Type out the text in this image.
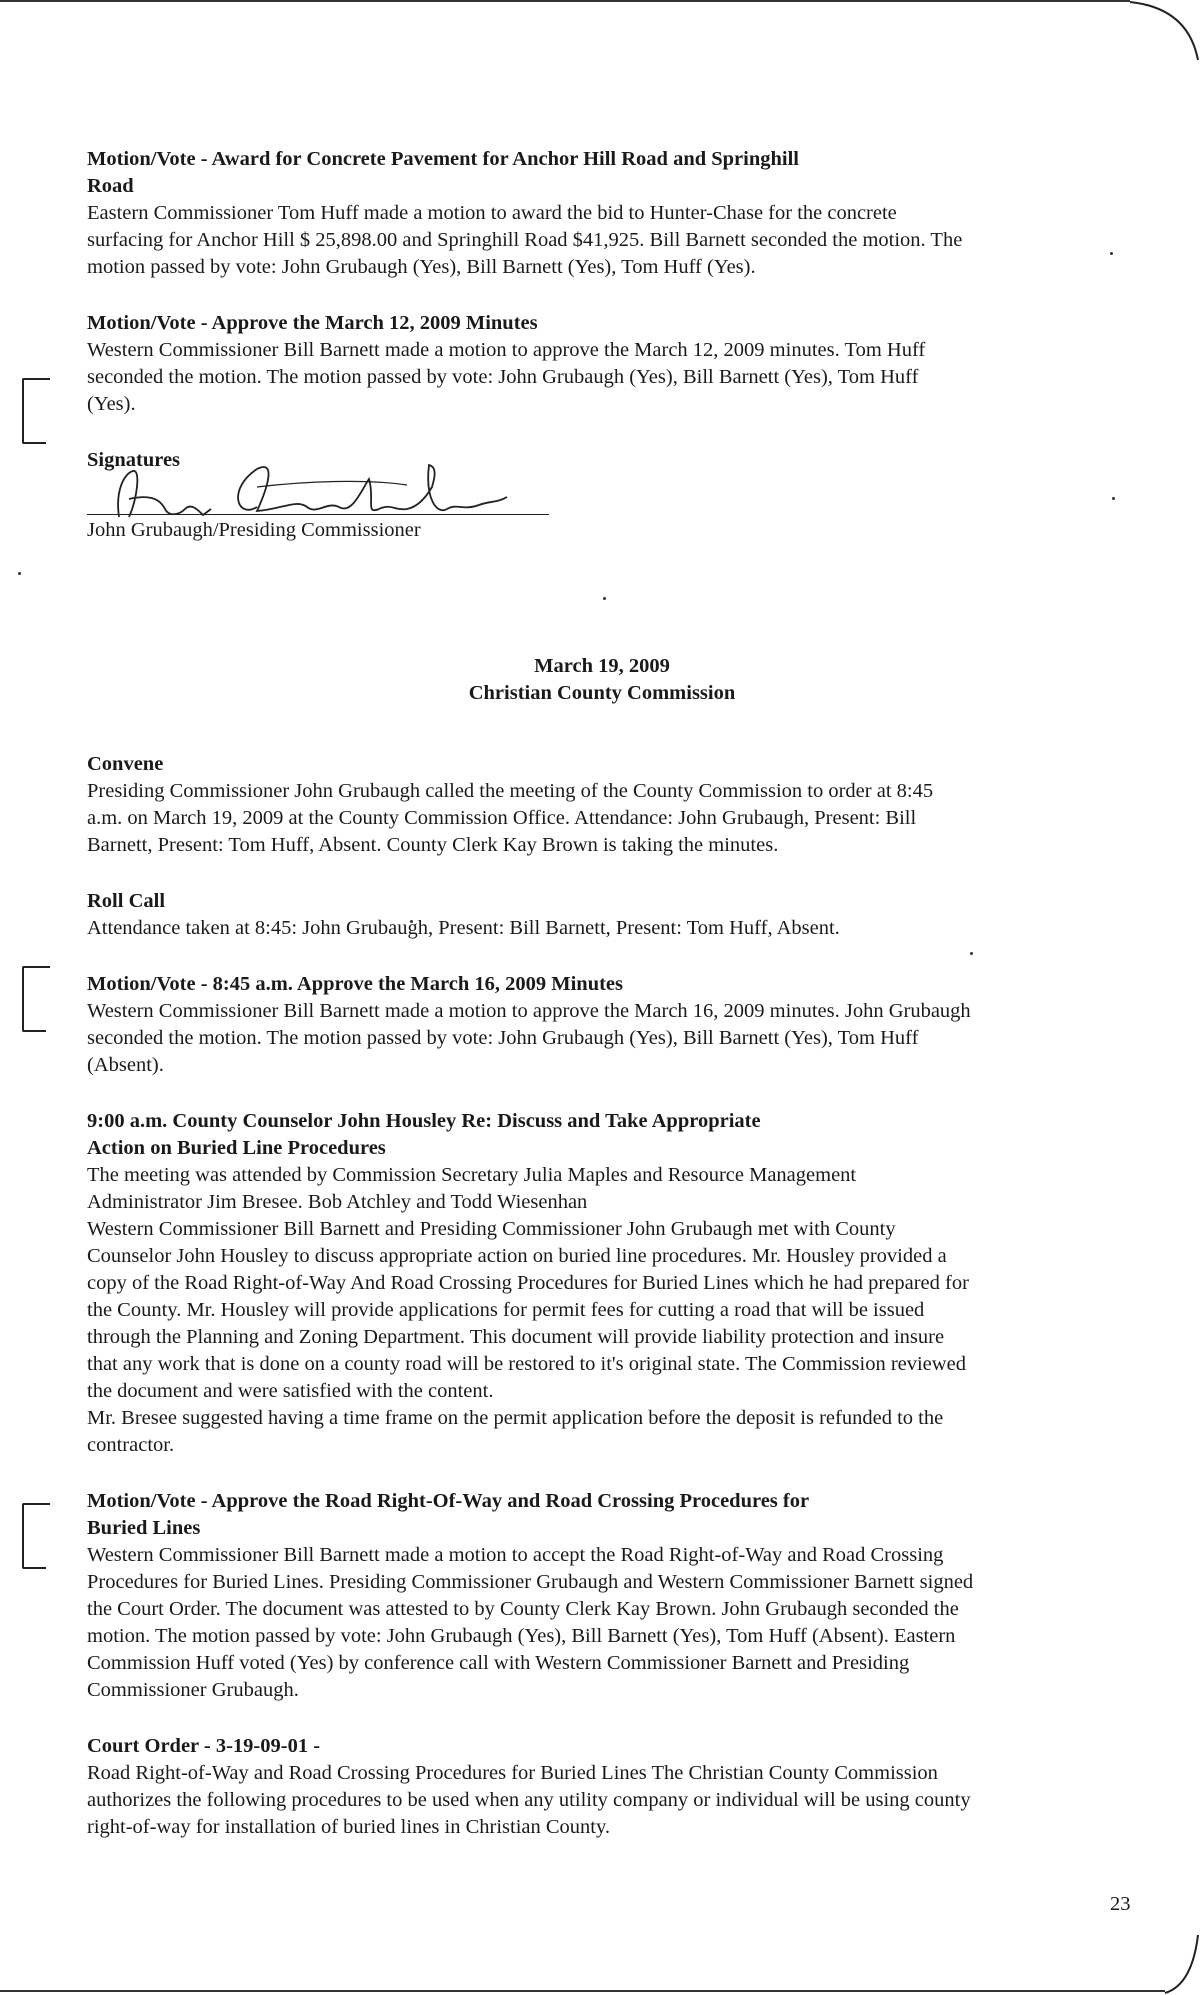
Motion/Vote - Award for Concrete Pavement for Anchor Hill Road and Springhill
Road
Eastern Commissioner Tom Huff made a motion to award the bid to Hunter-Chase for the concrete
surfacing for Anchor Hill $ 25,898.00 and Springhill Road $41,925. Bill Barnett seconded the motion. The
motion passed by vote: John Grubaugh (Yes), Bill Barnett (Yes), Tom Huff (Yes).
Motion/Vote - Approve the March 12, 2009 Minutes
Western Commissioner Bill Barnett made a motion to approve the March 12, 2009 minutes. Tom Huff
seconded the motion. The motion passed by vote: John Grubaugh (Yes), Bill Barnett (Yes), Tom Huff
(Yes).
Signatures
John Grubaugh/Presiding Commissioner
March 19, 2009
Christian County Commission
Convene
Presiding Commissioner John Grubaugh called the meeting of the County Commission to order at 8:45
a.m. on March 19, 2009 at the County Commission Office. Attendance: John Grubaugh, Present: Bill
Barnett, Present: Tom Huff, Absent. County Clerk Kay Brown is taking the minutes.
Roll Call
Attendance taken at 8:45: John Grubaugh, Present: Bill Barnett, Present: Tom Huff, Absent.
Motion/Vote - 8:45 a.m. Approve the March 16, 2009 Minutes
Western Commissioner Bill Barnett made a motion to approve the March 16, 2009 minutes. John Grubaugh
seconded the motion. The motion passed by vote: John Grubaugh (Yes), Bill Barnett (Yes), Tom Huff
(Absent).
9:00 a.m. County Counselor John Housley Re: Discuss and Take Appropriate
Action on Buried Line Procedures
The meeting was attended by Commission Secretary Julia Maples and Resource Management
Administrator Jim Bresee. Bob Atchley and Todd Wiesenhan
Western Commissioner Bill Barnett and Presiding Commissioner John Grubaugh met with County
Counselor John Housley to discuss appropriate action on buried line procedures. Mr. Housley provided a
copy of the Road Right-of-Way And Road Crossing Procedures for Buried Lines which he had prepared for
the County. Mr. Housley will provide applications for permit fees for cutting a road that will be issued
through the Planning and Zoning Department. This document will provide liability protection and insure
that any work that is done on a county road will be restored to it's original state. The Commission reviewed
the document and were satisfied with the content.
Mr. Bresee suggested having a time frame on the permit application before the deposit is refunded to the
contractor.
Motion/Vote - Approve the Road Right-Of-Way and Road Crossing Procedures for
Buried Lines
Western Commissioner Bill Barnett made a motion to accept the Road Right-of-Way and Road Crossing
Procedures for Buried Lines. Presiding Commissioner Grubaugh and Western Commissioner Barnett signed
the Court Order. The document was attested to by County Clerk Kay Brown. John Grubaugh seconded the
motion. The motion passed by vote: John Grubaugh (Yes), Bill Barnett (Yes), Tom Huff (Absent). Eastern
Commission Huff voted (Yes) by conference call with Western Commissioner Barnett and Presiding
Commissioner Grubaugh.
Court Order - 3-19-09-01 -
Road Right-of-Way and Road Crossing Procedures for Buried Lines The Christian County Commission
authorizes the following procedures to be used when any utility company or individual will be using county
right-of-way for installation of buried lines in Christian County.
23
